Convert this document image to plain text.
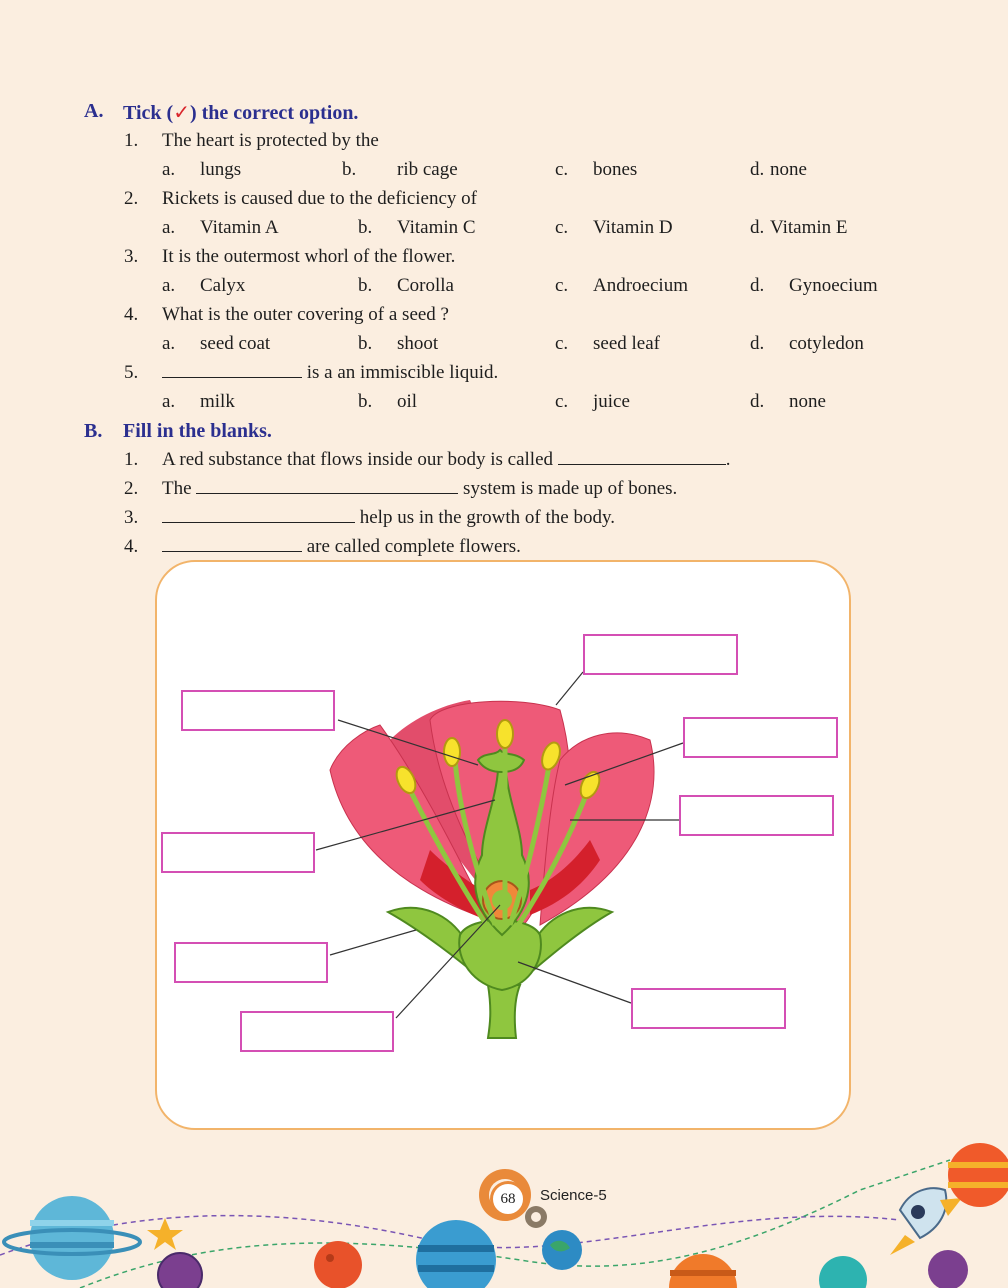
A. Tick (✓) the correct option.
1. The heart is protected by the
a. lungs	b. rib cage	c. bones	d. none
2. Rickets is caused due to the deficiency of
a. Vitamin A	b. Vitamin C	c. Vitamin D	d. Vitamin E
3. It is the outermost whorl of the flower.
a. Calyx	b. Corolla	c. Androecium	d. Gynoecium
4. What is the outer covering of a seed ?
a. seed coat	b. shoot	c. seed leaf	d. cotyledon
5.	is a an immiscible liquid.
a. milk	b. oil	c. juice	d. none
B. Fill in the blanks.
1. A red substance that flows inside our body is called	.
2. The	system is made up of bones.
3.	help us in the growth of the body.
4.	are called complete flowers.
68	Science-5
